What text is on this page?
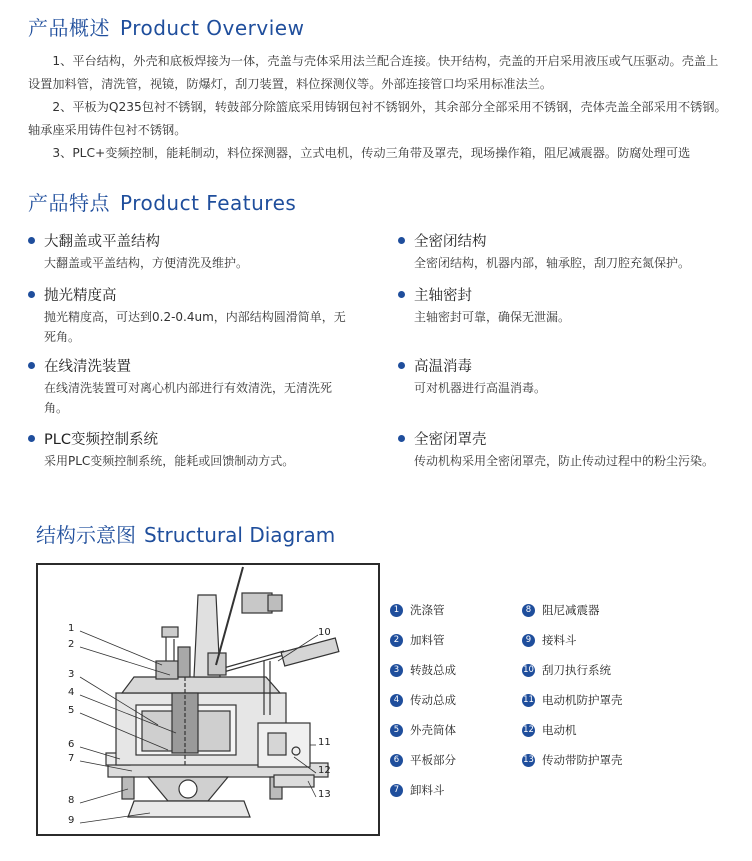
产品概述 Product Overview

1、平台结构，外壳和底板焊接为一体，壳盖与壳体采用法兰配合连接。快开结构，壳盖的开启采用液压或气压驱动。壳盖上设置加料管，清洗管，视镜，防爆灯，刮刀装置，料位探测仪等。外部连接管口均采用标准法兰。

2、平板为Q235包衬不锈钢，转鼓部分除篮底采用铸钢包衬不锈钢外，其余部分全部采用不锈钢，壳体壳盖全部采用不锈钢。轴承座采用铸件包衬不锈钢。

3、PLC+变频控制，能耗制动，料位探测器，立式电机，传动三角带及罩壳，现场操作箱，阻尼减震器。防腐处理可选

产品特点 Product Features
大翻盖或平盖结构
大翻盖或平盖结构，方便清洗及维护。
全密闭结构
全密闭结构，机器内部，轴承腔，刮刀腔充氮保护。
抛光精度高
抛光精度高，可达到0.2-0.4um，内部结构圆滑简单，无死角。
主轴密封
主轴密封可靠，确保无泄漏。
在线清洗装置
在线清洗装置可对离心机内部进行有效清洗，无清洗死角。
高温消毒
可对机器进行高温消毒。
PLC变频控制系统
采用PLC变频控制系统，能耗或回馈制动方式。
全密闭罩壳
传动机构采用全密闭罩壳，防止传动过程中的粉尘污染。
结构示意图 Structural Diagram
1
2
3
4
5
6
7
8
9
10
11
12
13
1 洗涤管
2 加料管
3 转鼓总成
4 传动总成
5 外壳筒体
6 平板部分
7 卸料斗
8 阻尼减震器
9 接料斗
10 刮刀执行系统
11 电动机防护罩壳
12 电动机
13 传动带防护罩壳
